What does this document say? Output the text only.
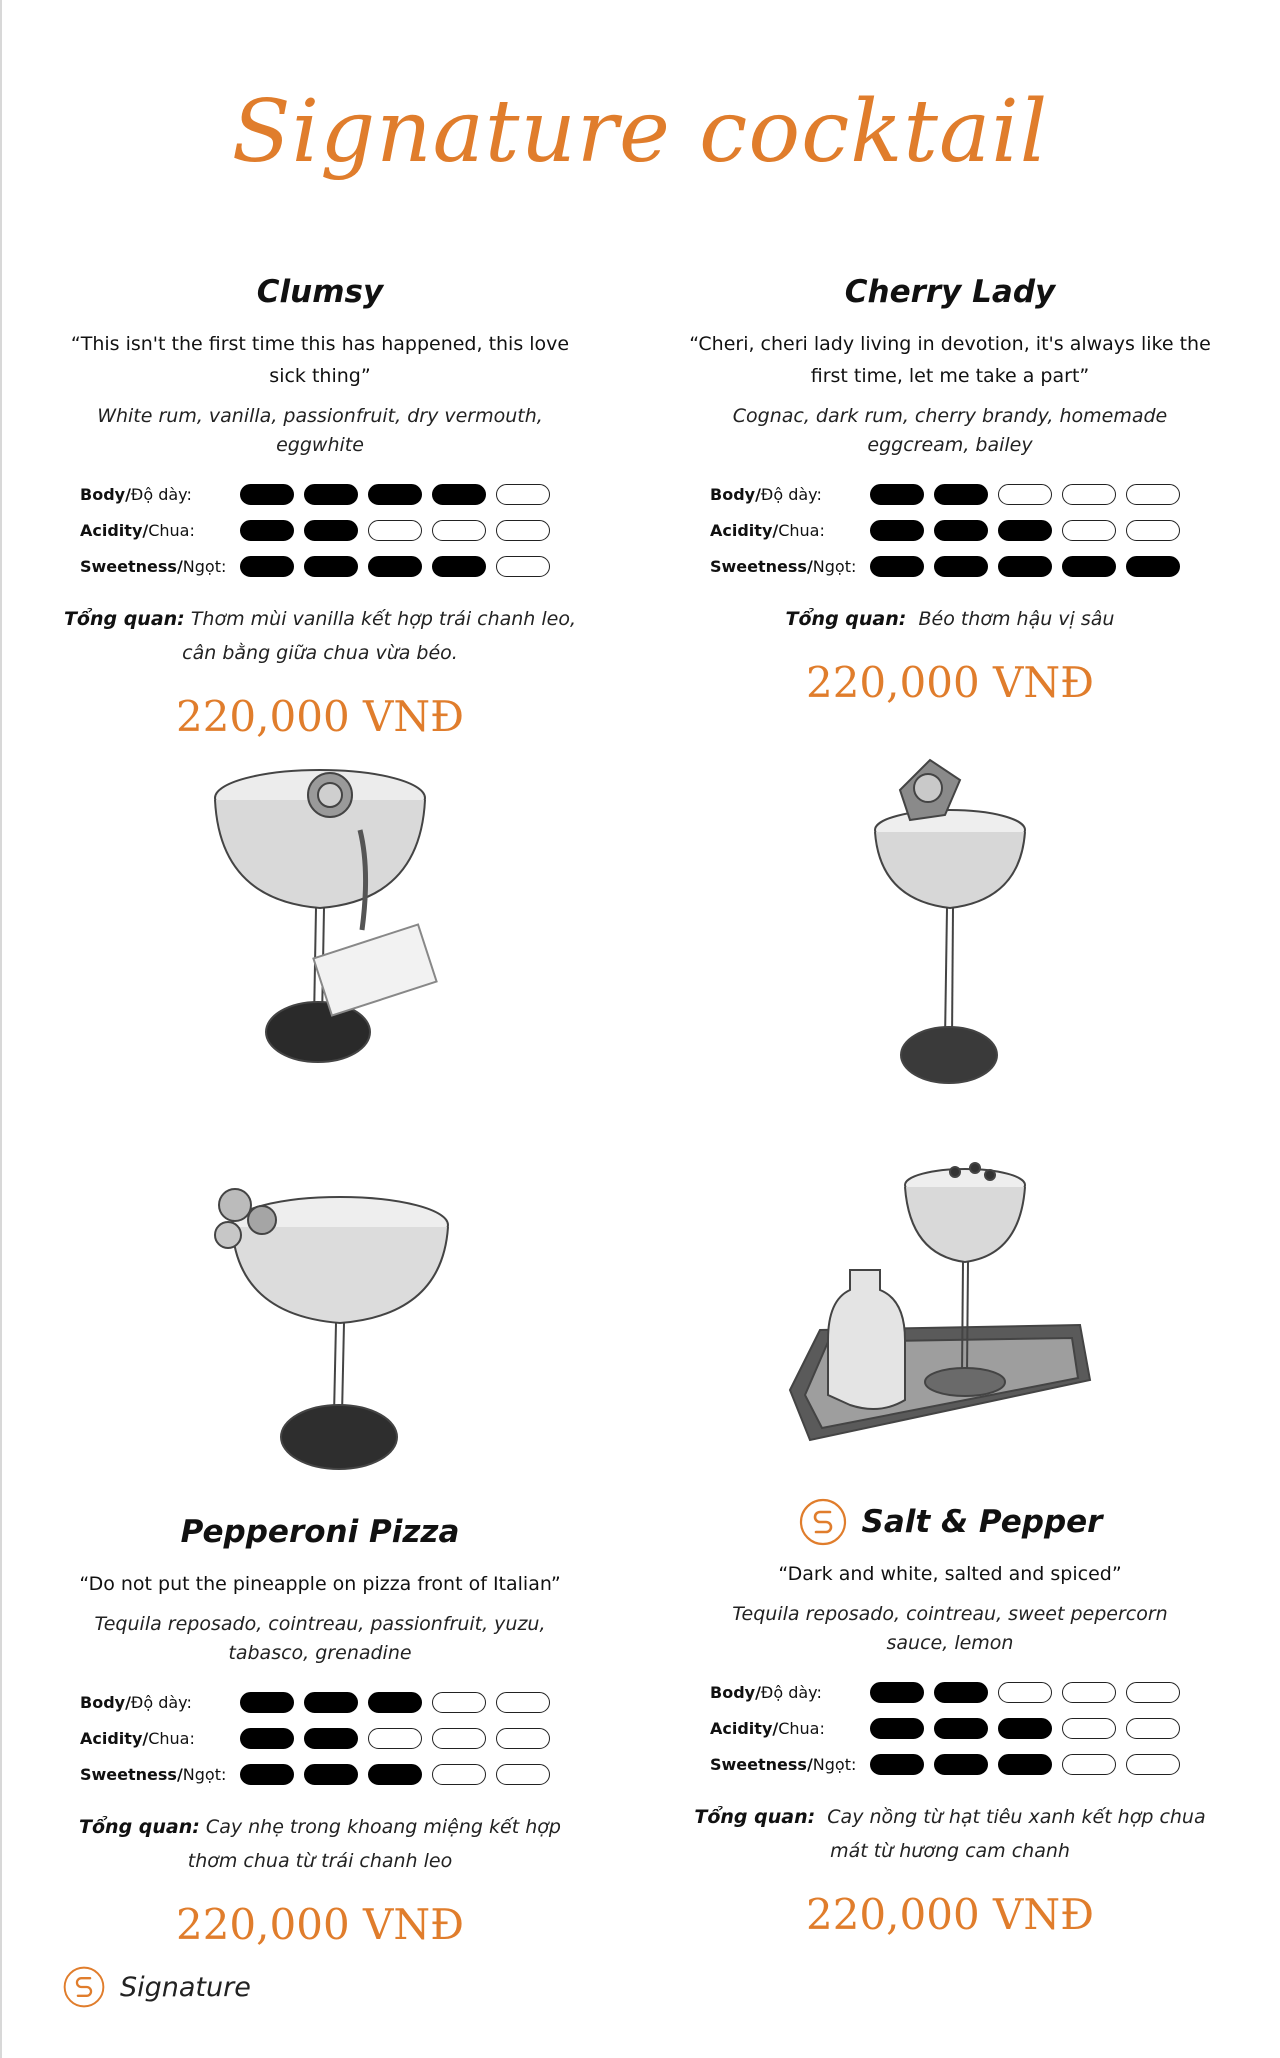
Signature cocktail
Clumsy

“This isn't the first time this has happened, this love sick thing”

White rum, vanilla, passionfruit, dry vermouth, eggwhite

Body/Độ dày:
Acidity/Chua:
Sweetness/Ngọt:

Tổng quan: Thơm mùi vanilla kết hợp trái chanh leo, cân bằng giữa chua vừa béo.

220,000 VNĐ
Cherry Lady

“Cheri, cheri lady living in devotion, it's always like the first time, let me take a part”

Cognac, dark rum, cherry brandy, homemade eggcream, bailey

Body/Độ dày:
Acidity/Chua:
Sweetness/Ngọt:

Tổng quan: Béo thơm hậu vị sâu

220,000 VNĐ
Pepperoni Pizza

“Do not put the pineapple on pizza front of Italian”

Tequila reposado, cointreau, passionfruit, yuzu, tabasco, grenadine

Body/Độ dày:
Acidity/Chua:
Sweetness/Ngọt:

Tổng quan: Cay nhẹ trong khoang miệng kết hợp thơm chua từ trái chanh leo

220,000 VNĐ
Salt & Pepper

“Dark and white, salted and spiced”

Tequila reposado, cointreau, sweet pepercorn sauce, lemon

Body/Độ dày:
Acidity/Chua:
Sweetness/Ngọt:

Tổng quan: Cay nồng từ hạt tiêu xanh kết hợp chua mát từ hương cam chanh

220,000 VNĐ
Signature
